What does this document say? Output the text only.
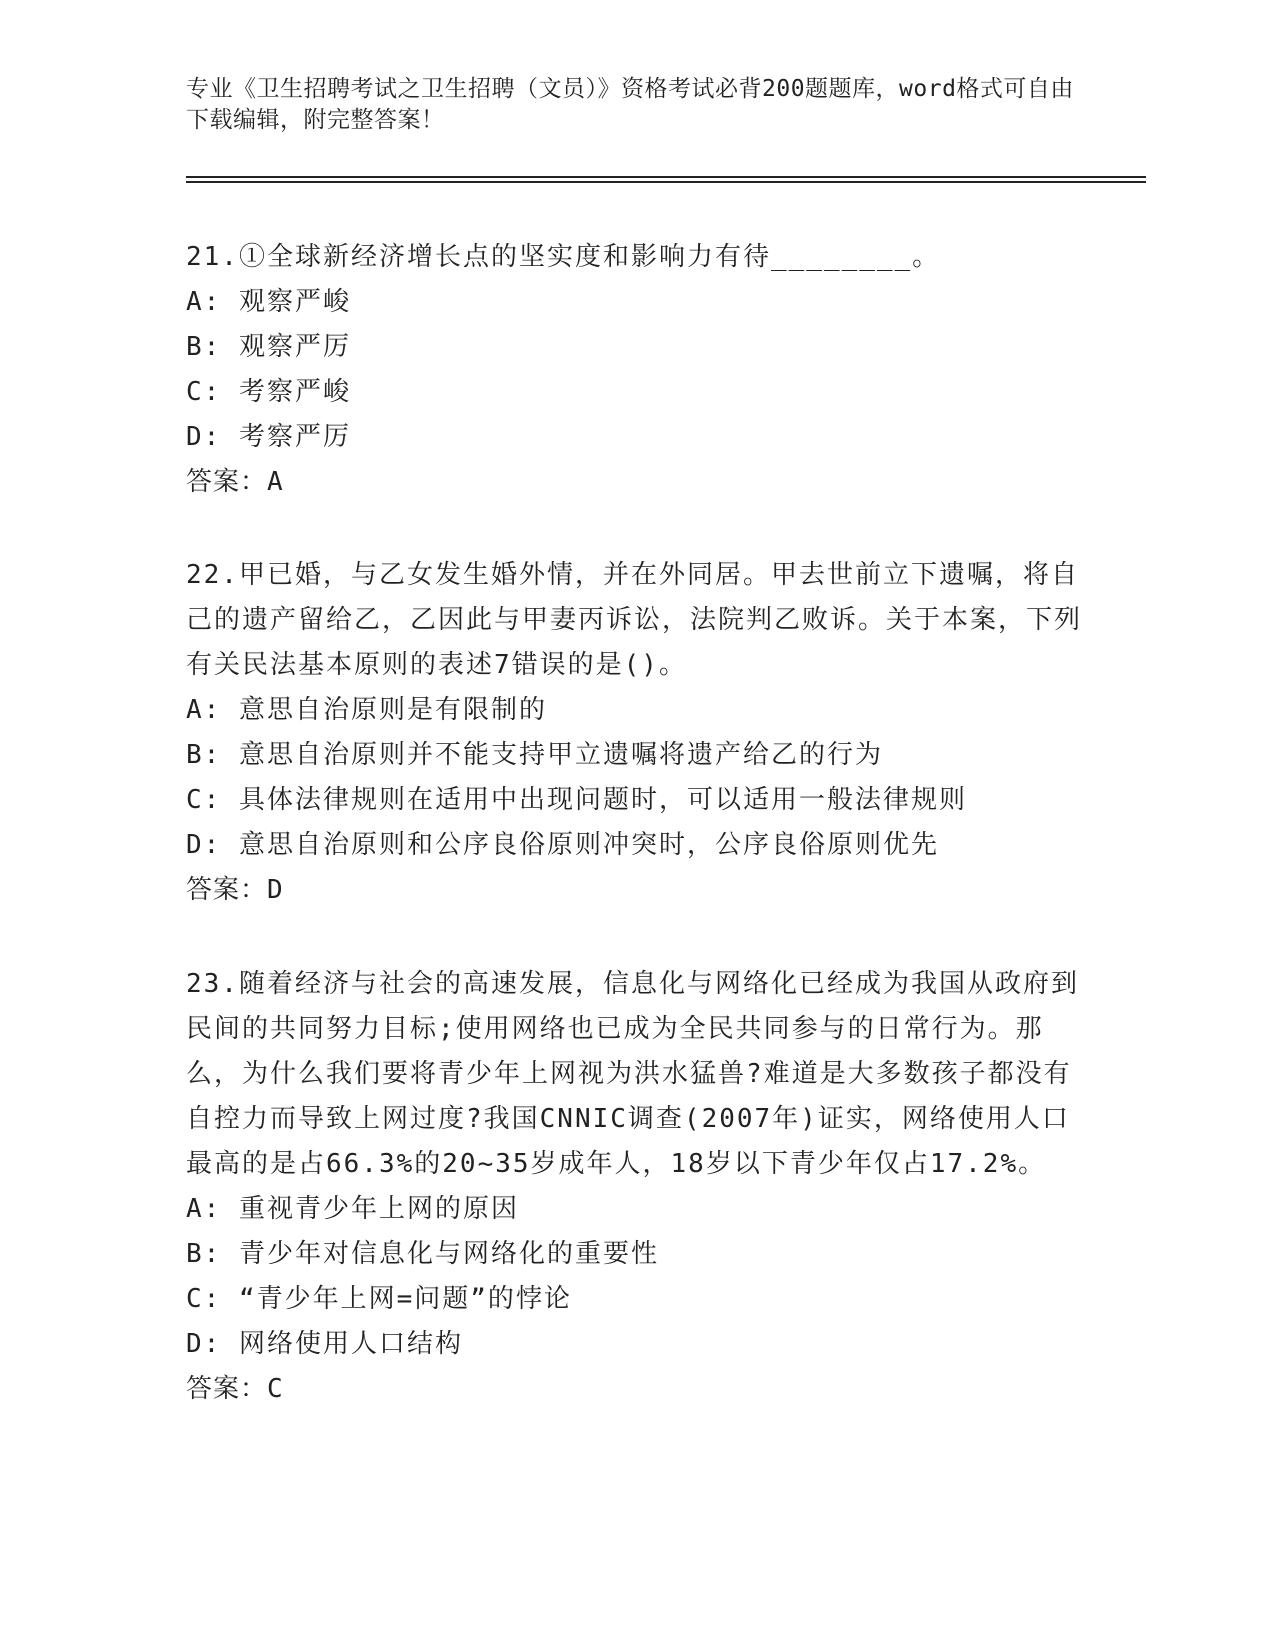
专业《卫生招聘考试之卫生招聘（文员）》资格考试必背200题题库，word格式可自由下载编辑，附完整答案！

21.①全球新经济增长点的坚实度和影响力有待________。

A: 观察严峻

B: 观察严厉

C: 考察严峻

D: 考察严厉

答案：A

22.甲已婚，与乙女发生婚外情，并在外同居。甲去世前立下遗嘱，将自己的遗产留给乙，乙因此与甲妻丙诉讼，法院判乙败诉。关于本案，下列有关民法基本原则的表述7错误的是()。

A: 意思自治原则是有限制的

B: 意思自治原则并不能支持甲立遗嘱将遗产给乙的行为

C: 具体法律规则在适用中出现问题时，可以适用一般法律规则

D: 意思自治原则和公序良俗原则冲突时，公序良俗原则优先

答案：D

23.随着经济与社会的高速发展，信息化与网络化已经成为我国从政府到民间的共同努力目标;使用网络也已成为全民共同参与的日常行为。那么，为什么我们要将青少年上网视为洪水猛兽?难道是大多数孩子都没有自控力而导致上网过度?我国CNNIC调查(2007年)证实，网络使用人口最高的是占66.3%的20~35岁成年人，18岁以下青少年仅占17.2%。

A: 重视青少年上网的原因

B: 青少年对信息化与网络化的重要性

C: “青少年上网=问题”的悖论

D: 网络使用人口结构

答案：C
